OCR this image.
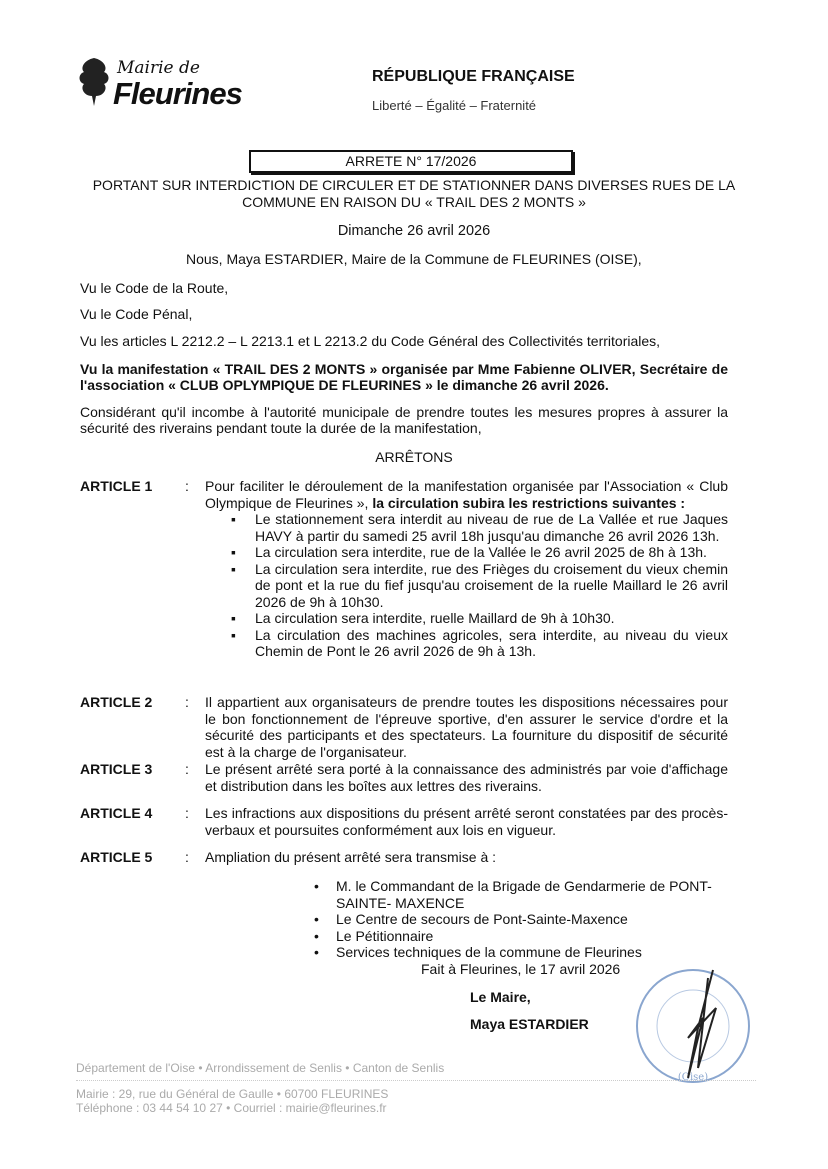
Mairie de
Fleurines	RÉPUBLIQUE FRANÇAISE
Liberté – Égalité – Fraternité
ARRETE N° 17/2026
PORTANT SUR INTERDICTION DE CIRCULER ET DE STATIONNER DANS DIVERSES RUES DE LA
COMMUNE EN RAISON DU « TRAIL DES 2 MONTS »
Dimanche 26 avril 2026
Nous, Maya ESTARDIER, Maire de la Commune de FLEURINES (OISE),
Vu le Code de la Route,
Vu le Code Pénal,
Vu les articles L 2212.2 – L 2213.1 et L 2213.2 du Code Général des Collectivités territoriales,
Vu la manifestation « TRAIL DES 2 MONTS » organisée par Mme Fabienne OLIVER, Secrétaire de l'association « CLUB OPLYMPIQUE DE FLEURINES » le dimanche 26 avril 2026.
Considérant qu'il incombe à l'autorité municipale de prendre toutes les mesures propres à assurer la sécurité des riverains pendant toute la durée de la manifestation,
ARRÊTONS
ARTICLE 1 : Pour faciliter le déroulement de la manifestation organisée par l'Association « Club Olympique de Fleurines », la circulation subira les restrictions suivantes :
▪ Le stationnement sera interdit au niveau de rue de La Vallée et rue Jaques HAVY à partir du samedi 25 avril 18h jusqu'au dimanche 26 avril 2026 13h.
▪ La circulation sera interdite, rue de la Vallée le 26 avril 2025 de 8h à 13h.
▪ La circulation sera interdite, rue des Frièges du croisement du vieux chemin de pont et la rue du fief jusqu'au croisement de la ruelle Maillard le 26 avril 2026 de 9h à 10h30.
▪ La circulation sera interdite, ruelle Maillard de 9h à 10h30.
▪ La circulation des machines agricoles, sera interdite, au niveau du vieux Chemin de Pont le 26 avril 2026 de 9h à 13h.
ARTICLE 2 : Il appartient aux organisateurs de prendre toutes les dispositions nécessaires pour le bon fonctionnement de l'épreuve sportive, d'en assurer le service d'ordre et la sécurité des participants et des spectateurs. La fourniture du dispositif de sécurité est à la charge de l'organisateur.
ARTICLE 3 : Le présent arrêté sera porté à la connaissance des administrés par voie d'affichage et distribution dans les boîtes aux lettres des riverains.
ARTICLE 4 : Les infractions aux dispositions du présent arrêté seront constatées par des procès-verbaux et poursuites conformément aux lois en vigueur.
ARTICLE 5 : Ampliation du présent arrêté sera transmise à :
• M. le Commandant de la Brigade de Gendarmerie de PONT- SAINTE- MAXENCE
• Le Centre de secours de Pont-Sainte-Maxence
• Le Pétitionnaire
• Services techniques de la commune de Fleurines
Fait à Fleurines, le 17 avril 2026
Le Maire,
Maya ESTARDIER
(Oise)
Département de l'Oise • Arrondissement de Senlis • Canton de Senlis
Mairie : 29, rue du Général de Gaulle • 60700 FLEURINES
Téléphone : 03 44 54 10 27 • Courriel : mairie@fleurines.fr
